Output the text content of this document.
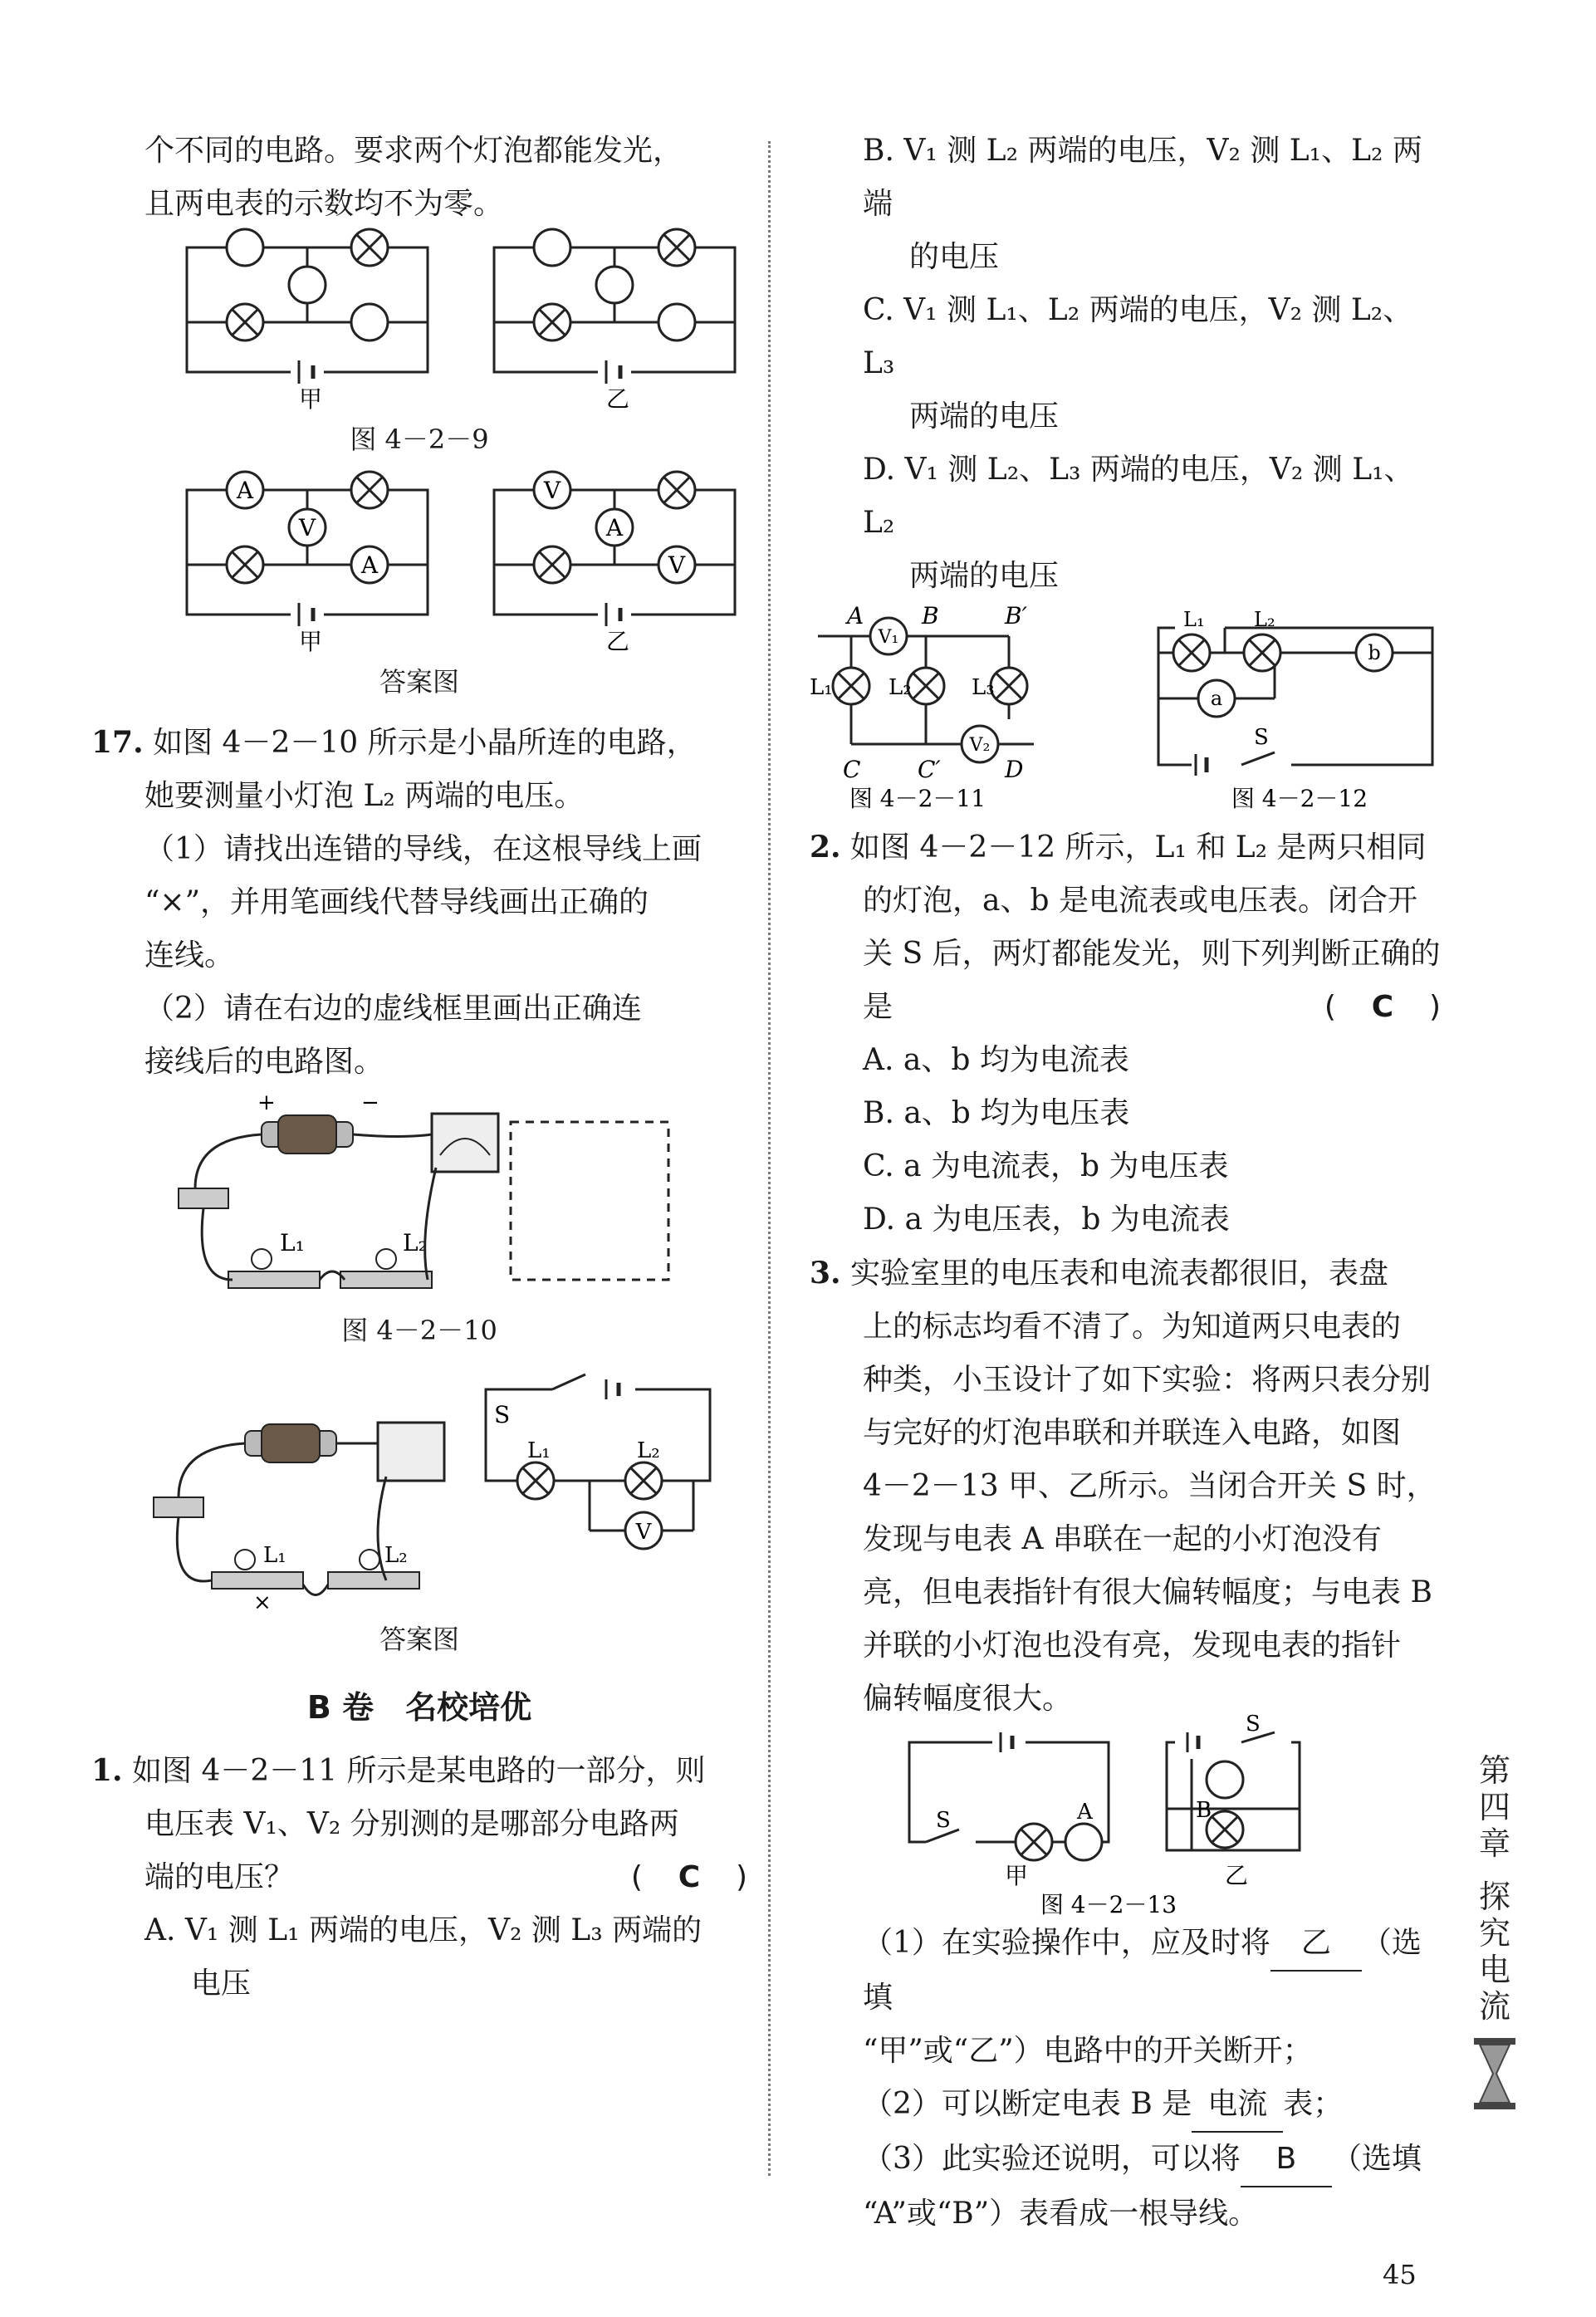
个不同的电路。要求两个灯泡都能发光，

且两电表的示数均不为零。

甲	乙
图 4－2－9
A
V
A
V
A
V
甲	乙
答案图

17. 如图 4－2－10 所示是小晶所连的电路，

她要测量小灯泡 L₂ 两端的电压。

（1）请找出连错的导线，在这根导线上画

“×”，并用笔画线代替导线画出正确的

连线。

（2）请在右边的虚线框里画出正确连

接线后的电路图。

+	−
L₁	L₂
图 4－2－10
L₁	L₂
×
S
L₁	L₂
V
答案图
B 卷　名校培优

1. 如图 4－2－11 所示是某电路的一部分，则

电压表 V₁、V₂ 分别测的是哪部分电路两

端的电压？	(　C　)

A. V₁ 测 L₁ 两端的电压，V₂ 测 L₃ 两端的

电压

B. V₁ 测 L₂ 两端的电压，V₂ 测 L₁、L₂ 两端

的电压

C. V₁ 测 L₁、L₂ 两端的电压，V₂ 测 L₂、L₃

两端的电压

D. V₁ 测 L₂、L₃ 两端的电压，V₂ 测 L₁、L₂

两端的电压

V₁
V₂
A B	B′
L₁	L₂	L₃
C C′	D
图 4－2－11
b
a
L₁ L₂
S
图 4－2－12

2. 如图 4－2－12 所示，L₁ 和 L₂ 是两只相同

的灯泡，a、b 是电流表或电压表。闭合开

关 S 后，两灯都能发光，则下列判断正确的

是	(　C　)

A. a、b 均为电流表

B. a、b 均为电压表

C. a 为电流表，b 为电压表

D. a 为电压表，b 为电流表

3. 实验室里的电压表和电流表都很旧，表盘

上的标志均看不清了。为知道两只电表的

种类，小玉设计了如下实验：将两只表分别

与完好的灯泡串联和并联连入电路，如图

4－2－13 甲、乙所示。当闭合开关 S 时，

发现与电表 A 串联在一起的小灯泡没有

亮，但电表指针有很大偏转幅度；与电表 B

并联的小灯泡也没有亮，发现电表的指针

偏转幅度很大。

S	A
甲
S
B
乙
图 4－2－13

（1）在实验操作中，应及时将 乙 （选填

“甲”或“乙”）电路中的开关断开；

（2）可以断定电表 B 是 电流 表；

（3）此实验还说明，可以将 B （选填

“A”或“B”）表看成一根导线。

第
四
章
探
究
电
流
45
